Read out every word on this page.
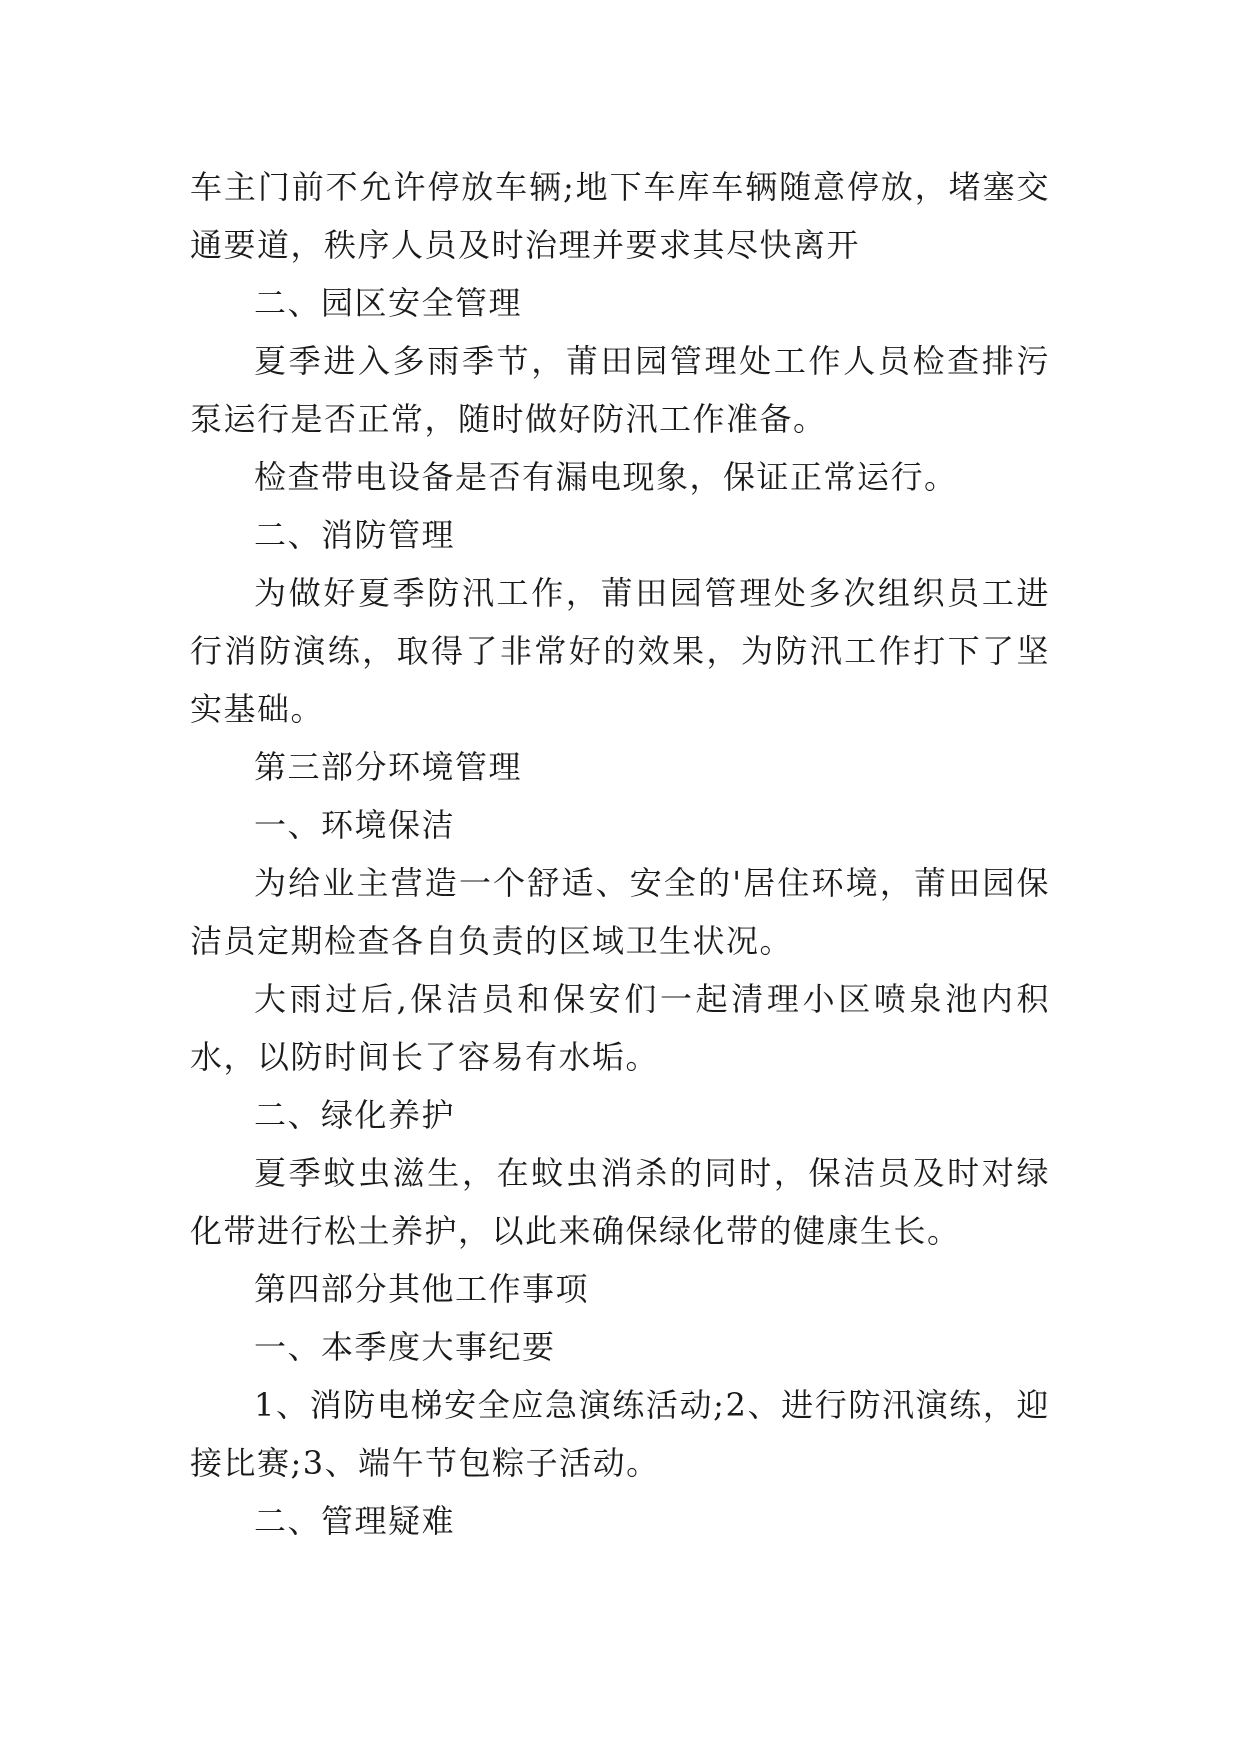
车主门前不允许停放车辆;地下车库车辆随意停放，堵塞交通要道，秩序人员及时治理并要求其尽快离开

二、园区安全管理

夏季进入多雨季节，莆田园管理处工作人员检查排污泵运行是否正常，随时做好防汛工作准备。

检查带电设备是否有漏电现象，保证正常运行。

二、消防管理

为做好夏季防汛工作，莆田园管理处多次组织员工进行消防演练，取得了非常好的效果，为防汛工作打下了坚实基础。

第三部分环境管理

一、环境保洁

为给业主营造一个舒适、安全的'居住环境，莆田园保洁员定期检查各自负责的区域卫生状况。

大雨过后,保洁员和保安们一起清理小区喷泉池内积水，以防时间长了容易有水垢。

二、绿化养护

夏季蚊虫滋生，在蚊虫消杀的同时，保洁员及时对绿化带进行松土养护，以此来确保绿化带的健康生长。

第四部分其他工作事项

一、本季度大事纪要

1、消防电梯安全应急演练活动;2、进行防汛演练，迎接比赛;3、端午节包粽子活动。

二、管理疑难
